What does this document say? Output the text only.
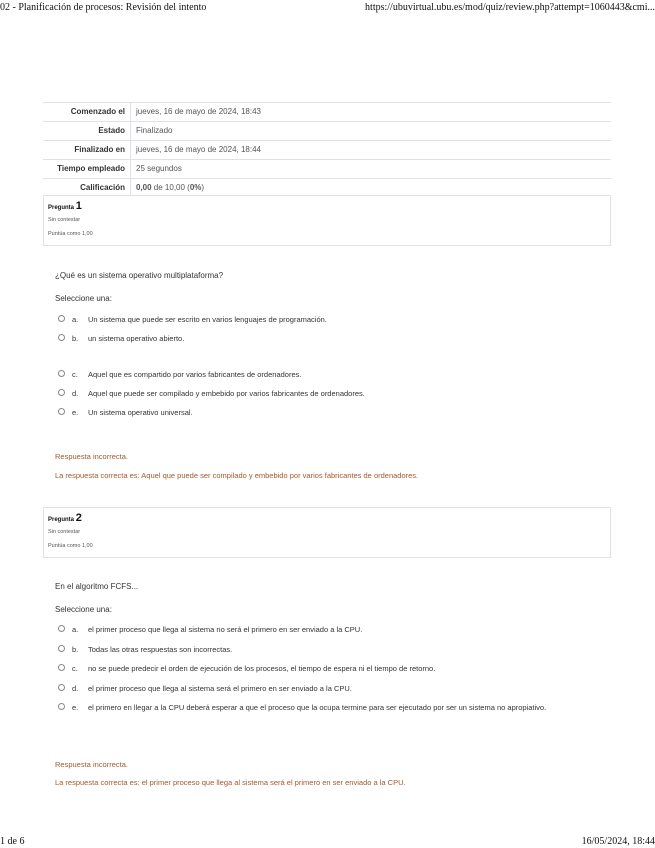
02 - Planificación de procesos: Revisión del intento	https://ubuvirtual.ubu.es/mod/quiz/review.php?attempt=1060443&cmi...
Comenzado el	jueves, 16 de mayo de 2024, 18:43
Estado	Finalizado
Finalizado en	jueves, 16 de mayo de 2024, 18:44
Tiempo empleado	25 segundos
Calificación	0,00 de 10,00 (0%)
Pregunta 1
Sin contestar
Puntúa como 1,00
¿Qué es un sistema operativo multiplataforma?
Seleccione una:
a. Un sistema que puede ser escrito en varios lenguajes de programación.
b. un sistema operativo abierto.
c. Aquel que es compartido por varios fabricantes de ordenadores.
d. Aquel que puede ser compilado y embebido por varios fabricantes de ordenadores.
e. Un sistema operativo universal.
Respuesta incorrecta.
La respuesta correcta es: Aquel que puede ser compilado y embebido por varios fabricantes de ordenadores.
Pregunta 2
Sin contestar
Puntúa como 1,00
En el algoritmo FCFS...
Seleccione una:
a. el primer proceso que llega al sistema no será el primero en ser enviado a la CPU.
b. Todas las otras respuestas son incorrectas.
c. no se puede predecir el orden de ejecución de los procesos, el tiempo de espera ni el tiempo de retorno.
d. el primer proceso que llega al sistema será el primero en ser enviado a la CPU.
e. el primero en llegar a la CPU deberá esperar a que el proceso que la ocupa termine para ser ejecutado por ser un sistema no apropiativo.
Respuesta incorrecta.
La respuesta correcta es: el primer proceso que llega al sistema será el primero en ser enviado a la CPU.
1 de 6	16/05/2024, 18:44
